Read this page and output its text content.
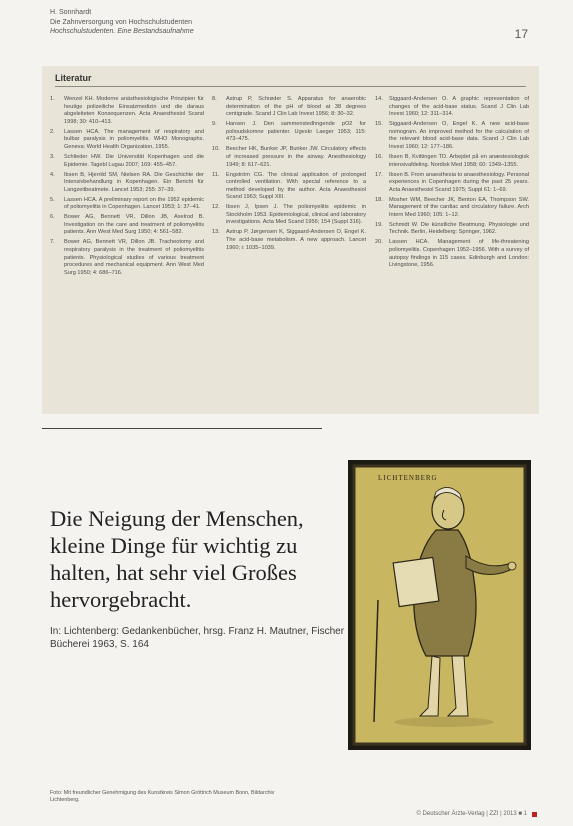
H. Sonnhardt
Die Zahnversorgung von Hochschulstudenten
Hochschulstudenten. Eine Bestandsaufnahme	17
Literatur
1.	Wenzel KH. Moderne anästhesiologische Prinzipien für heutige polizeiliche Einsatzmedizin und die daraus abgeleiteten Konsequenzen. Acta Anaesthesiol Scand 1998; 30: 410–413.
2.	Lassen HCA. The management of respiratory and bulbar paralysis in poliomyelitis. WHO Monographs. Geneva: World Health Organization, 1955.
3.	Schlieder HW. Die Universität Kopenhagen und die Epidemie. Tagebl Lugau 2007; 169: 455–457.
4.	Ibsen B, Hjerrild SM, Nielsen RA. Die Geschichte der Intensivbehandlung in Kopenhagen. Ein Bericht für Langzeitbeatmete. Lancet 1953; 255: 37–39.
5.	Lassen HCA. A preliminary report on the 1952 epidemic of poliomyelitis in Copenhagen. Lancet 1953; 1: 37–41.
6.	Bower AG, Bennett VR, Dillon JB, Axelrod B. Investigation on the care and treatment of poliomyelitis patients. Ann West Med Surg 1950; 4: 561–582.
7.	Bower AG, Bennett VR, Dillon JB. Tracheotomy and respiratory paralysis in the treatment of poliomyelitis patients. Physiological studies of various treatment procedures and mechanical equipment. Ann West Med Surg 1950; 4: 686–716.
8.	Astrup P, Schrøder S. Apparatus for anaerobic determination of the pH of blood at 38 degrees centigrade. Scand J Clin Lab Invest 1956; 8: 30–32.
9.	Hansen J. Den sammenstedhngende pO2 for polioudskomne patienter. Ugeskr Laeger 1953; 115: 473–475.
10.	Beecher HK, Bunker JP, Bunker JW. Circulatory effects of increased pressure in the airway. Anesthesiology 1949; 8: 617–621.
11.	Engström CG. The clinical application of prolonged controlled ventilation. With special reference to a method developed by the author. Acta Anaesthesiol Scand 1963; Suppl XIII.
12.	Ibsen J, Ipsen J. The poliomyelitis epidemic in Stockholm 1953. Epidemiological, clinical and laboratory investigations. Acta Med Scand 1956; 154 (Suppl 316).
13.	Astrup P, Jørgensen K, Siggaard-Andersen O, Engel K. The acid-base metabolism. A new approach. Lancet 1960; i: 1035–1039.
14.	Siggaard-Andersen O. A graphic representation of changes of the acid-base status. Scand J Clin Lab Invest 1960; 12: 311–314.
15.	Siggaard-Andersen O, Engel K. A new acid-base nomogram. An improved method for the calculation of the relevant blood acid-base data. Scand J Clin Lab Invest 1960; 12: 177–186.
16.	Ibsen B, Kvittingen TD. Arbejdet på en anæstesiologisk intensivafdeling. Nordisk Med 1958; 60: 1349–1355.
17.	Ibsen B. From anaesthesia to anaesthesiology. Personal experiences in Copenhagen during the past 25 years. Acta Anaesthesiol Scand 1975; Suppl 61: 1–69.
18.	Mosher WM, Beecher JK, Benton EA, Thompson SW. Management of the cardiac and circulatory failure. Arch Intern Med 1960; 105: 1–12.
19.	Schmidt W. Die künstliche Beatmung. Physiologie und Technik. Berlin, Heidelberg: Springer, 1962.
20.	Lassen HCA. Management of life-threatening poliomyelitis. Copenhagen 1952–1956. With a survey of autopsy findings in 115 cases. Edinburgh and London: Livingstone, 1956.
Die Neigung der Menschen, kleine Dinge für wichtig zu halten, hat sehr viel Großes hervorgebracht.
In: Lichtenberg: Gedankenbücher, hrsg. Franz H. Mautner, Fischer Bücherei 1963, S. 164
LICHTENBERG
Foto: Mit freundlicher Genehmigung des Kunstkreis Simon Gröttrich Museum Bonn, Bildarchiv Lichtenberg.
© Deutscher Ärzte-Verlag | ZZI | 2013 ■ 1
